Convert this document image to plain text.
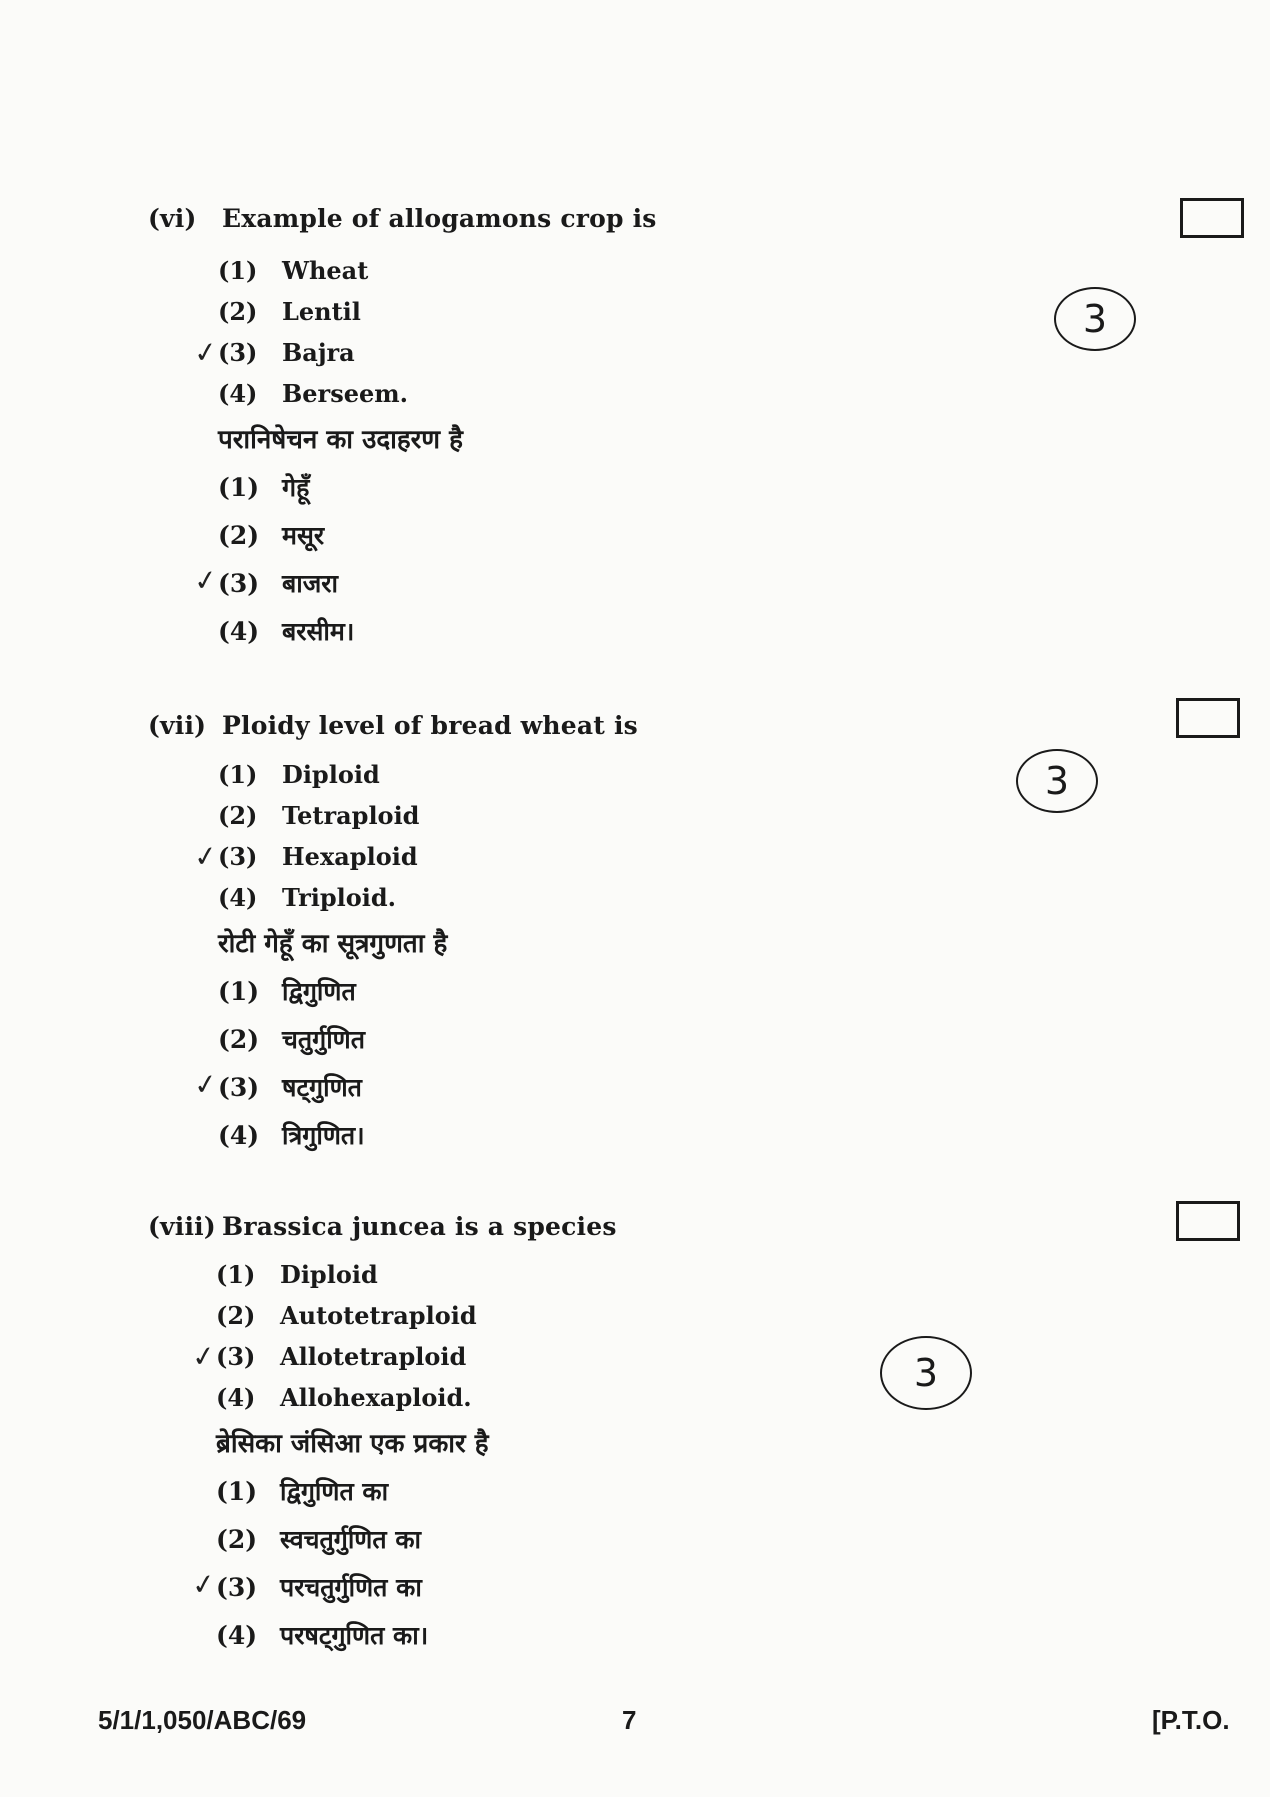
(vi) Example of allogamons crop is
(1) Wheat
(2) Lentil
✓
(3) Bajra
(4) Berseem.
परानिषेचन का उदाहरण है
(1) गेहूँ
(2) मसूर
✓
(3) बाजरा
(4) बरसीम।
3
(vii) Ploidy level of bread wheat is
(1) Diploid
(2) Tetraploid
✓
(3) Hexaploid
(4) Triploid.
रोटी गेहूँ का सूत्रगुणता है
(1) द्विगुणित
(2) चतुर्गुणित
✓
(3) षट्गुणित
(4) त्रिगुणित।
3
(viii) Brassica juncea is a species
(1) Diploid
(2) Autotetraploid
✓
(3) Allotetraploid
(4) Allohexaploid.
ब्रेसिका जंसिआ एक प्रकार है
(1) द्विगुणित का
(2) स्वचतुर्गुणित का
✓
(3) परचतुर्गुणित का
(4) परषट्गुणित का।
3
5/1/1,050/ABC/69	7	[P.T.O.
